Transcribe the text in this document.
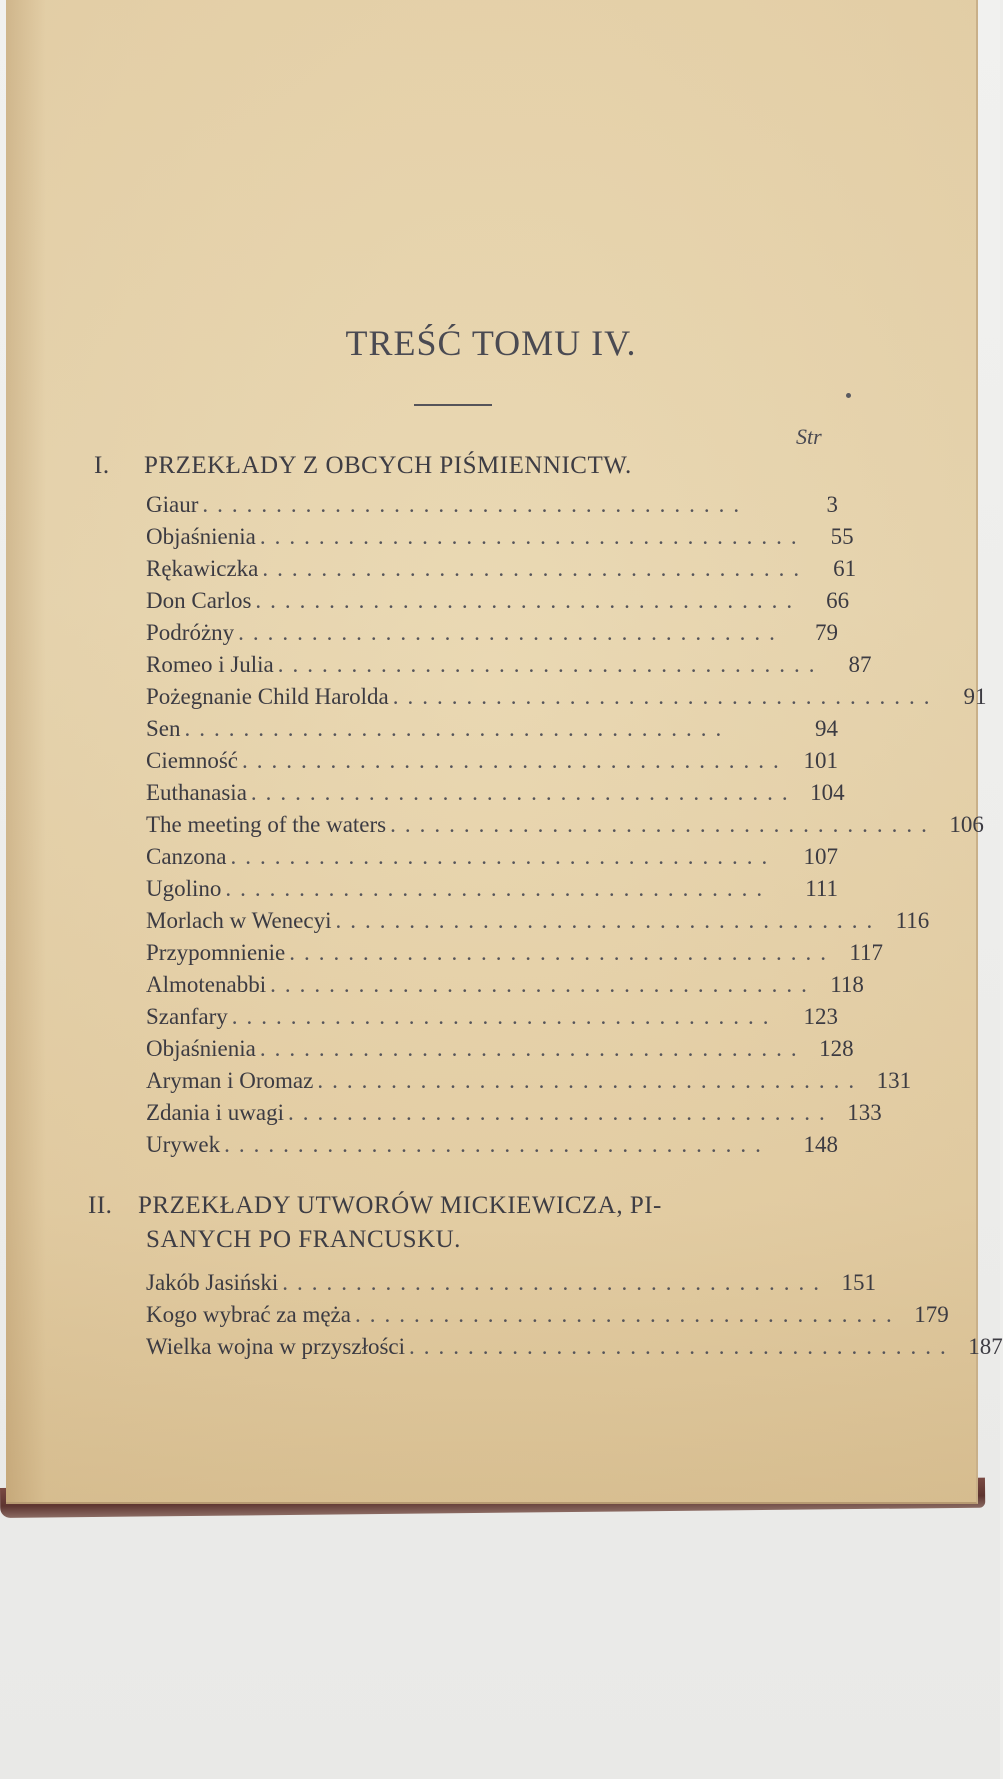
TREŚĆ TOMU IV.
Str
I. PRZEKŁADY Z OBCYCH PIŚMIENNICTW.
Giaur .....................................	3
Objaśnienia .....................................	55
Rękawiczka .....................................	61
Don Carlos .....................................	66
Podróżny .....................................	79
Romeo i Julia .....................................	87
Pożegnanie Child Harolda .....................................	91
Sen .....................................	94
Ciemność ..................................... 101
Euthanasia ..................................... 104
The meeting of the waters ..................................... 106
Canzona .....................................	107
Ugolino .....................................	111
Morlach w Wenecyi ..................................... 116
Przypomnienie ..................................... 117
Almotenabbi ..................................... 118
Szanfary .....................................	123
Objaśnienia ..................................... 128
Aryman i Oromaz ..................................... 131
Zdania i uwagi ..................................... 133
Urywek .....................................	148
II. PRZEKŁADY UTWORÓW MICKIEWICZA, PI-
SANYCH PO FRANCUSKU.
Jakób Jasiński ..................................... 151
Kogo wybrać za męża ..................................... 179
Wielka wojna w przyszłości ..................................... 187
